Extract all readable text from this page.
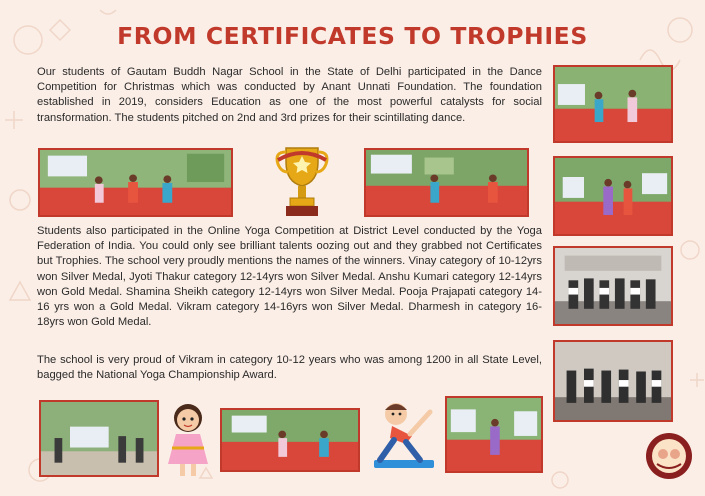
FROM CERTIFICATES TO TROPHIES

Our students of Gautam Buddh Nagar School in the State of Delhi participated in the Dance Competition for Christmas which was conducted by Anant Unnati Foundation. The foundation established in 2019, considers Education as one of the most powerful catalysts for social transformation. The students pitched on 2nd and 3rd prizes for their scintillating dance.

Students also participated in the Online Yoga Competition at District Level conducted by the Yoga Federation of India. You could only see brilliant talents oozing out and they grabbed not Certificates but Trophies. The school very proudly mentions the names of the winners. Vinay category of 10-12yrs won Silver Medal, Jyoti Thakur category 12-14yrs won Silver Medal. Anshu Kumari category 12-14yrs won Gold Medal. Shamina Sheikh category 12-14yrs won Silver Medal. Pooja Prajapati category 14-16 yrs won a Gold Medal. Vikram category 14-16yrs won Silver Medal. Dharmesh in category 16-18yrs won Gold Medal.

The school is very proud of Vikram in category 10-12 years who was among 1200 in all State Level, bagged the National Yoga Championship Award.
